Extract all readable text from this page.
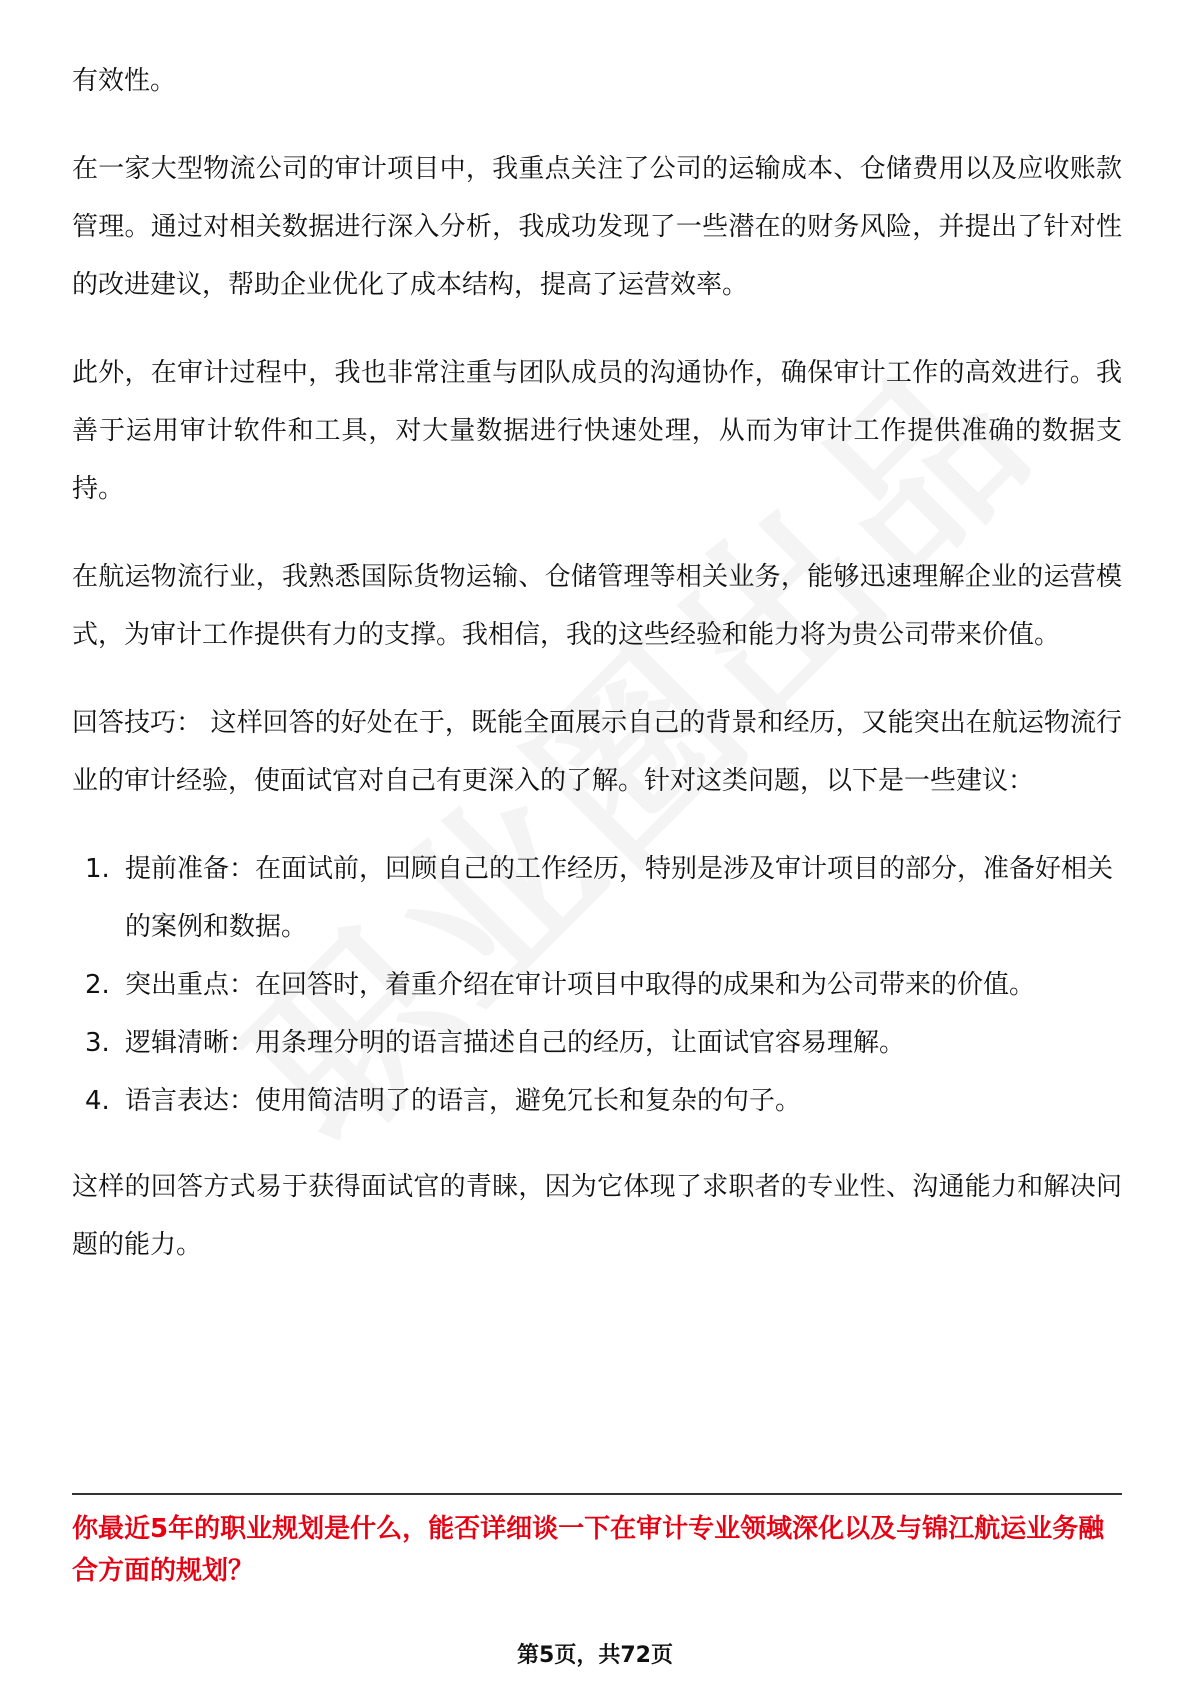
有效性。

在一家大型物流公司的审计项目中，我重点关注了公司的运输成本、仓储费用以及应收账款管理。通过对相关数据进行深入分析，我成功发现了一些潜在的财务风险，并提出了针对性的改进建议，帮助企业优化了成本结构，提高了运营效率。

此外，在审计过程中，我也非常注重与团队成员的沟通协作，确保审计工作的高效进行。我善于运用审计软件和工具，对大量数据进行快速处理，从而为审计工作提供准确的数据支持。

在航运物流行业，我熟悉国际货物运输、仓储管理等相关业务，能够迅速理解企业的运营模式，为审计工作提供有力的支撑。我相信，我的这些经验和能力将为贵公司带来价值。

回答技巧： 这样回答的好处在于，既能全面展示自己的背景和经历，又能突出在航运物流行业的审计经验，使面试官对自己有更深入的了解。针对这类问题，以下是一些建议：

1. 提前准备：在面试前，回顾自己的工作经历，特别是涉及审计项目的部分，准备好相关的案例和数据。
2. 突出重点：在回答时，着重介绍在审计项目中取得的成果和为公司带来的价值。
3. 逻辑清晰：用条理分明的语言描述自己的经历，让面试官容易理解。
4. 语言表达：使用简洁明了的语言，避免冗长和复杂的句子。

这样的回答方式易于获得面试官的青睐，因为它体现了求职者的专业性、沟通能力和解决问题的能力。

你最近5年的职业规划是什么，能否详细谈一下在审计专业领域深化以及与锦江航运业务融合方面的规划？
第5页，共72页
